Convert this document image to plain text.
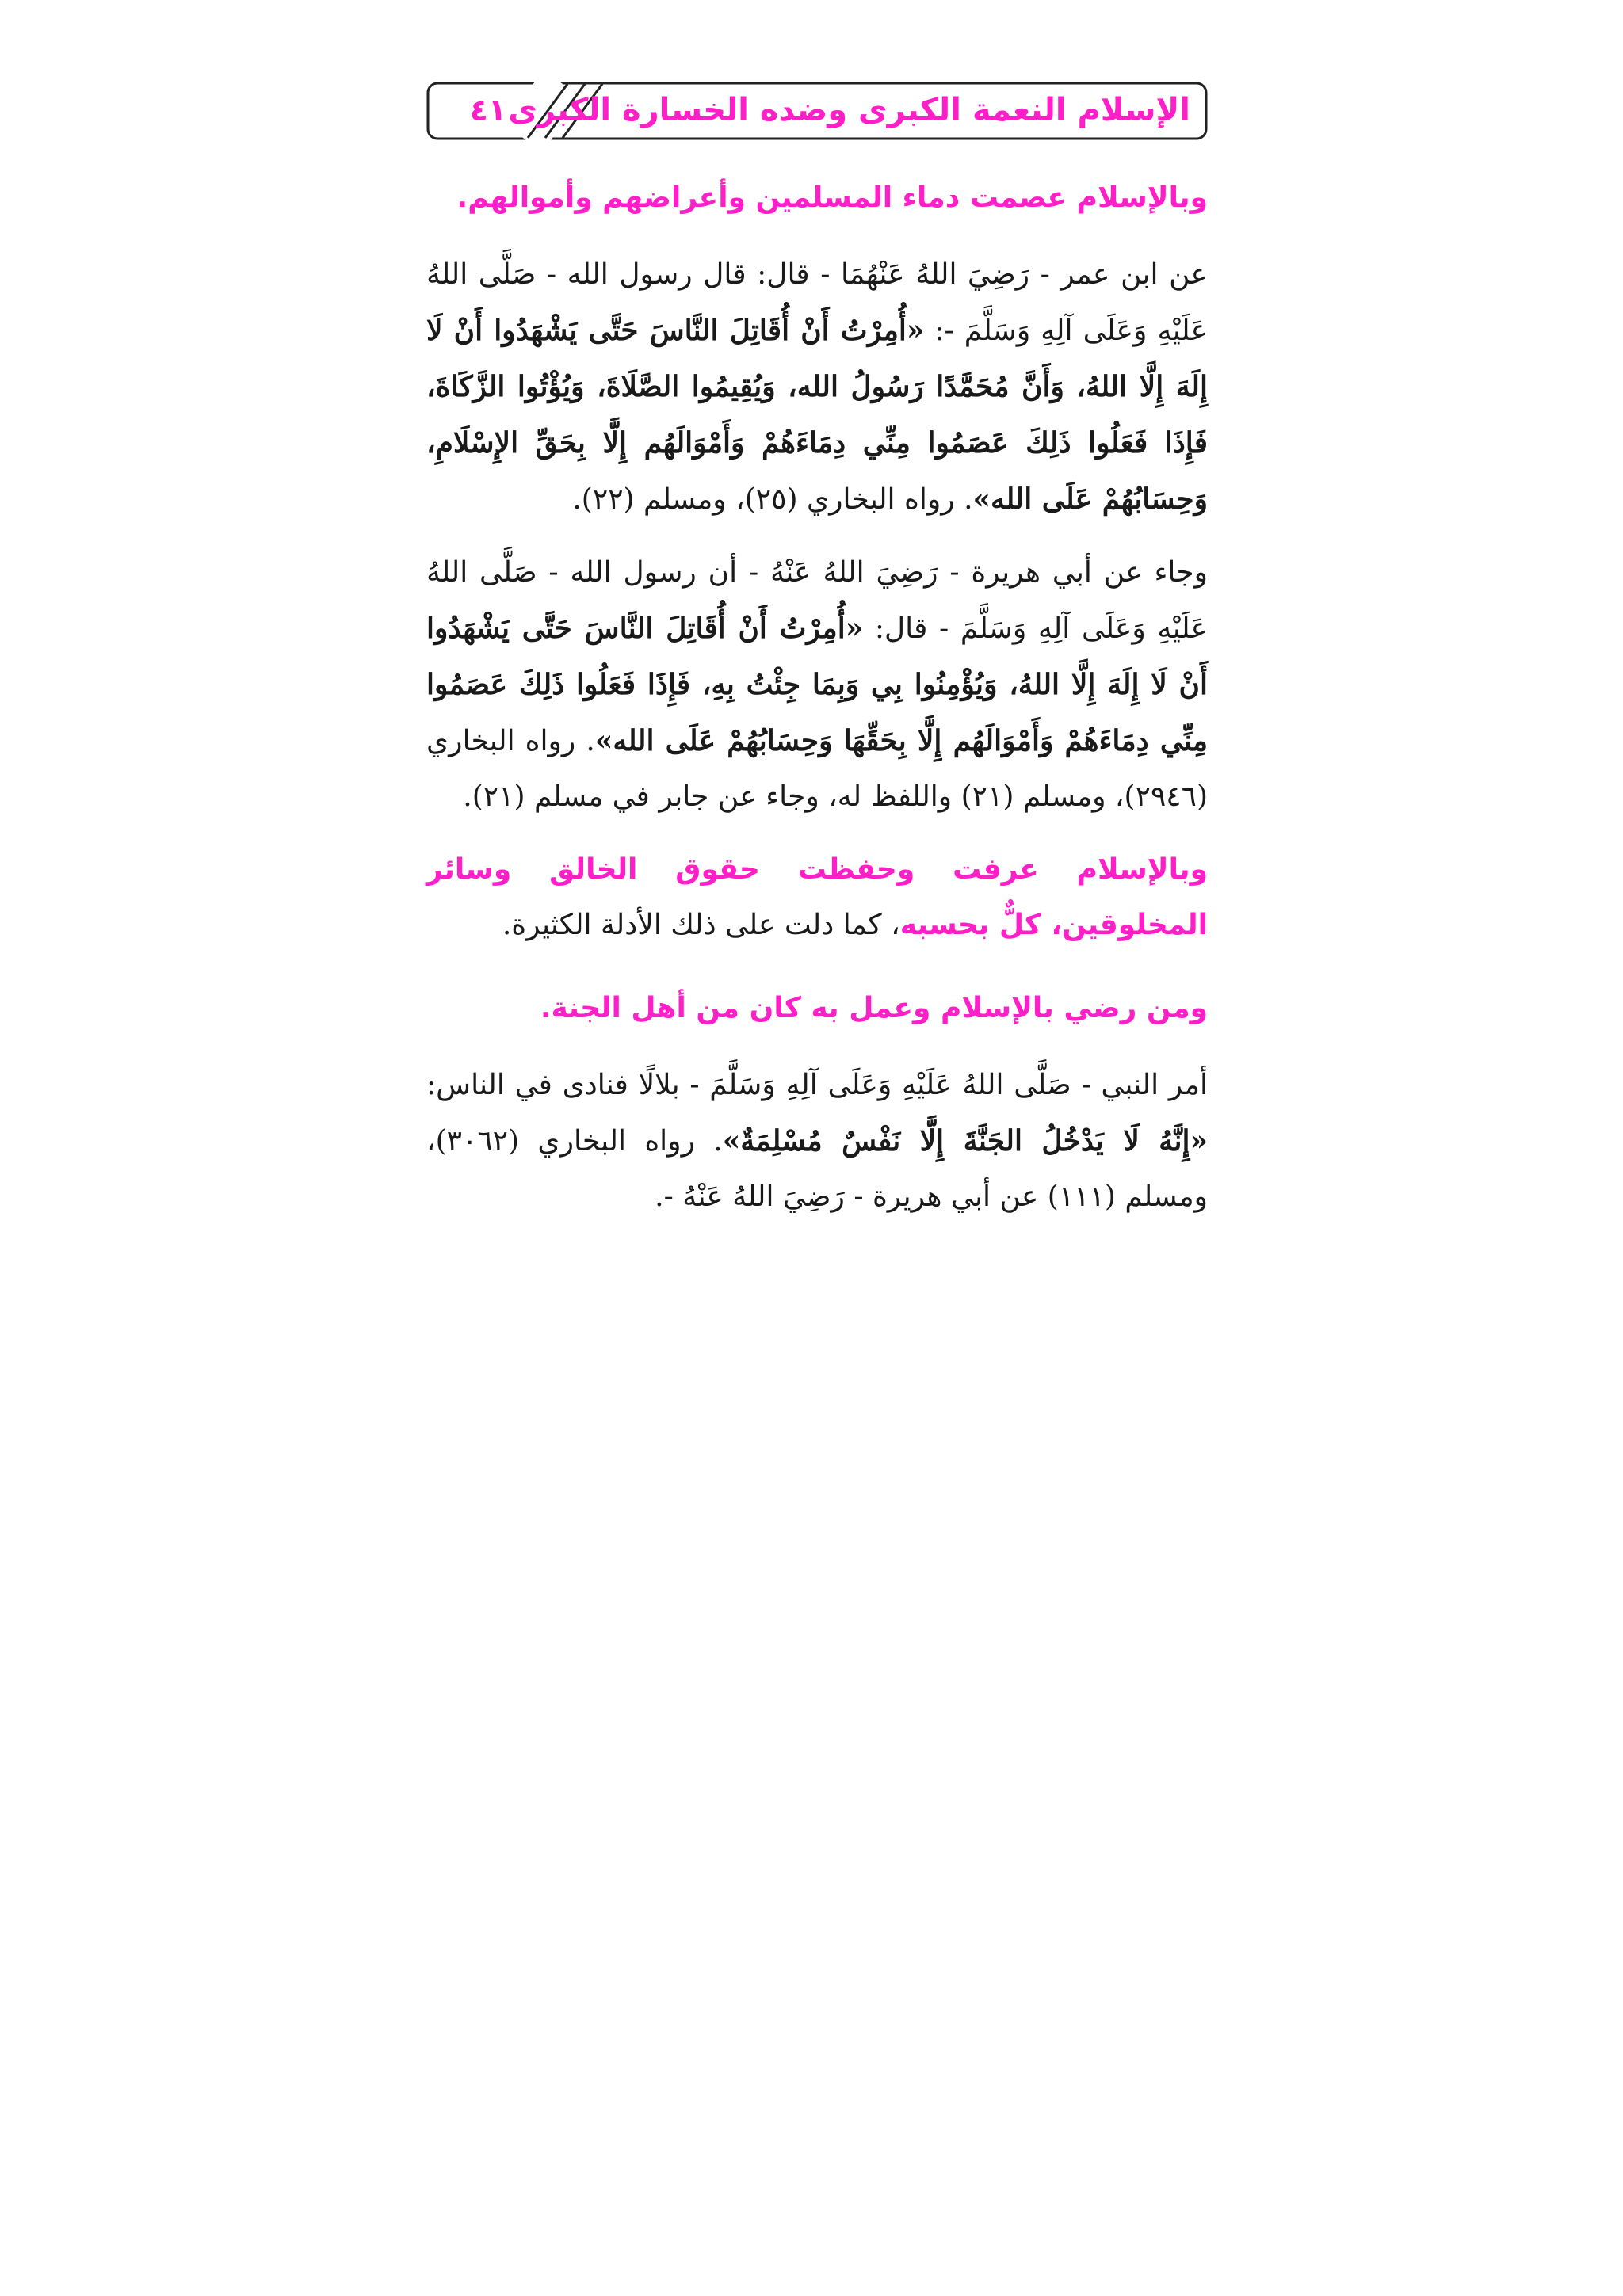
الإسلام النعمة الكبرى وضده الخسارة الكبرى
٤١

وبالإسلام عصمت دماء المسلمين وأعراضهم وأموالهم.

عن ابن عمر - رَضِيَ اللهُ عَنْهُمَا - قال: قال رسول الله - صَلَّى اللهُ عَلَيْهِ وَعَلَى آلِهِ وَسَلَّمَ -: «أُمِرْتُ أَنْ أُقَاتِلَ النَّاسَ حَتَّى يَشْهَدُوا أَنْ لَا إِلَهَ إِلَّا اللهُ، وَأَنَّ مُحَمَّدًا رَسُولُ الله، وَيُقِيمُوا الصَّلَاةَ، وَيُؤْتُوا الزَّكَاةَ، فَإِذَا فَعَلُوا ذَلِكَ عَصَمُوا مِنِّي دِمَاءَهُمْ وَأَمْوَالَهُم إِلَّا بِحَقِّ الإِسْلَامِ، وَحِسَابُهُمْ عَلَى الله». رواه البخاري (٢٥)، ومسلم (٢٢).

وجاء عن أبي هريرة - رَضِيَ اللهُ عَنْهُ - أن رسول الله - صَلَّى اللهُ عَلَيْهِ وَعَلَى آلِهِ وَسَلَّمَ - قال: «أُمِرْتُ أَنْ أُقَاتِلَ النَّاسَ حَتَّى يَشْهَدُوا أَنْ لَا إِلَهَ إِلَّا اللهُ، وَيُؤْمِنُوا بِي وَبِمَا جِئْتُ بِهِ، فَإِذَا فَعَلُوا ذَلِكَ عَصَمُوا مِنِّي دِمَاءَهُمْ وَأَمْوَالَهُم إِلَّا بِحَقِّهَا وَحِسَابُهُمْ عَلَى الله». رواه البخاري (٢٩٤٦)، ومسلم (٢١) واللفظ له، وجاء عن جابر في مسلم (٢١).

وبالإسلام عرفت وحفظت حقوق الخالق وسائر المخلوقين، كلٌّ بحسبه، كما دلت على ذلك الأدلة الكثيرة.

ومن رضي بالإسلام وعمل به كان من أهل الجنة.

أمر النبي - صَلَّى اللهُ عَلَيْهِ وَعَلَى آلِهِ وَسَلَّمَ - بلالًا فنادى في الناس: «إِنَّهُ لَا يَدْخُلُ الجَنَّةَ إِلَّا نَفْسٌ مُسْلِمَةٌ». رواه البخاري (٣٠٦٢)، ومسلم (١١١) عن أبي هريرة - رَضِيَ اللهُ عَنْهُ -.
